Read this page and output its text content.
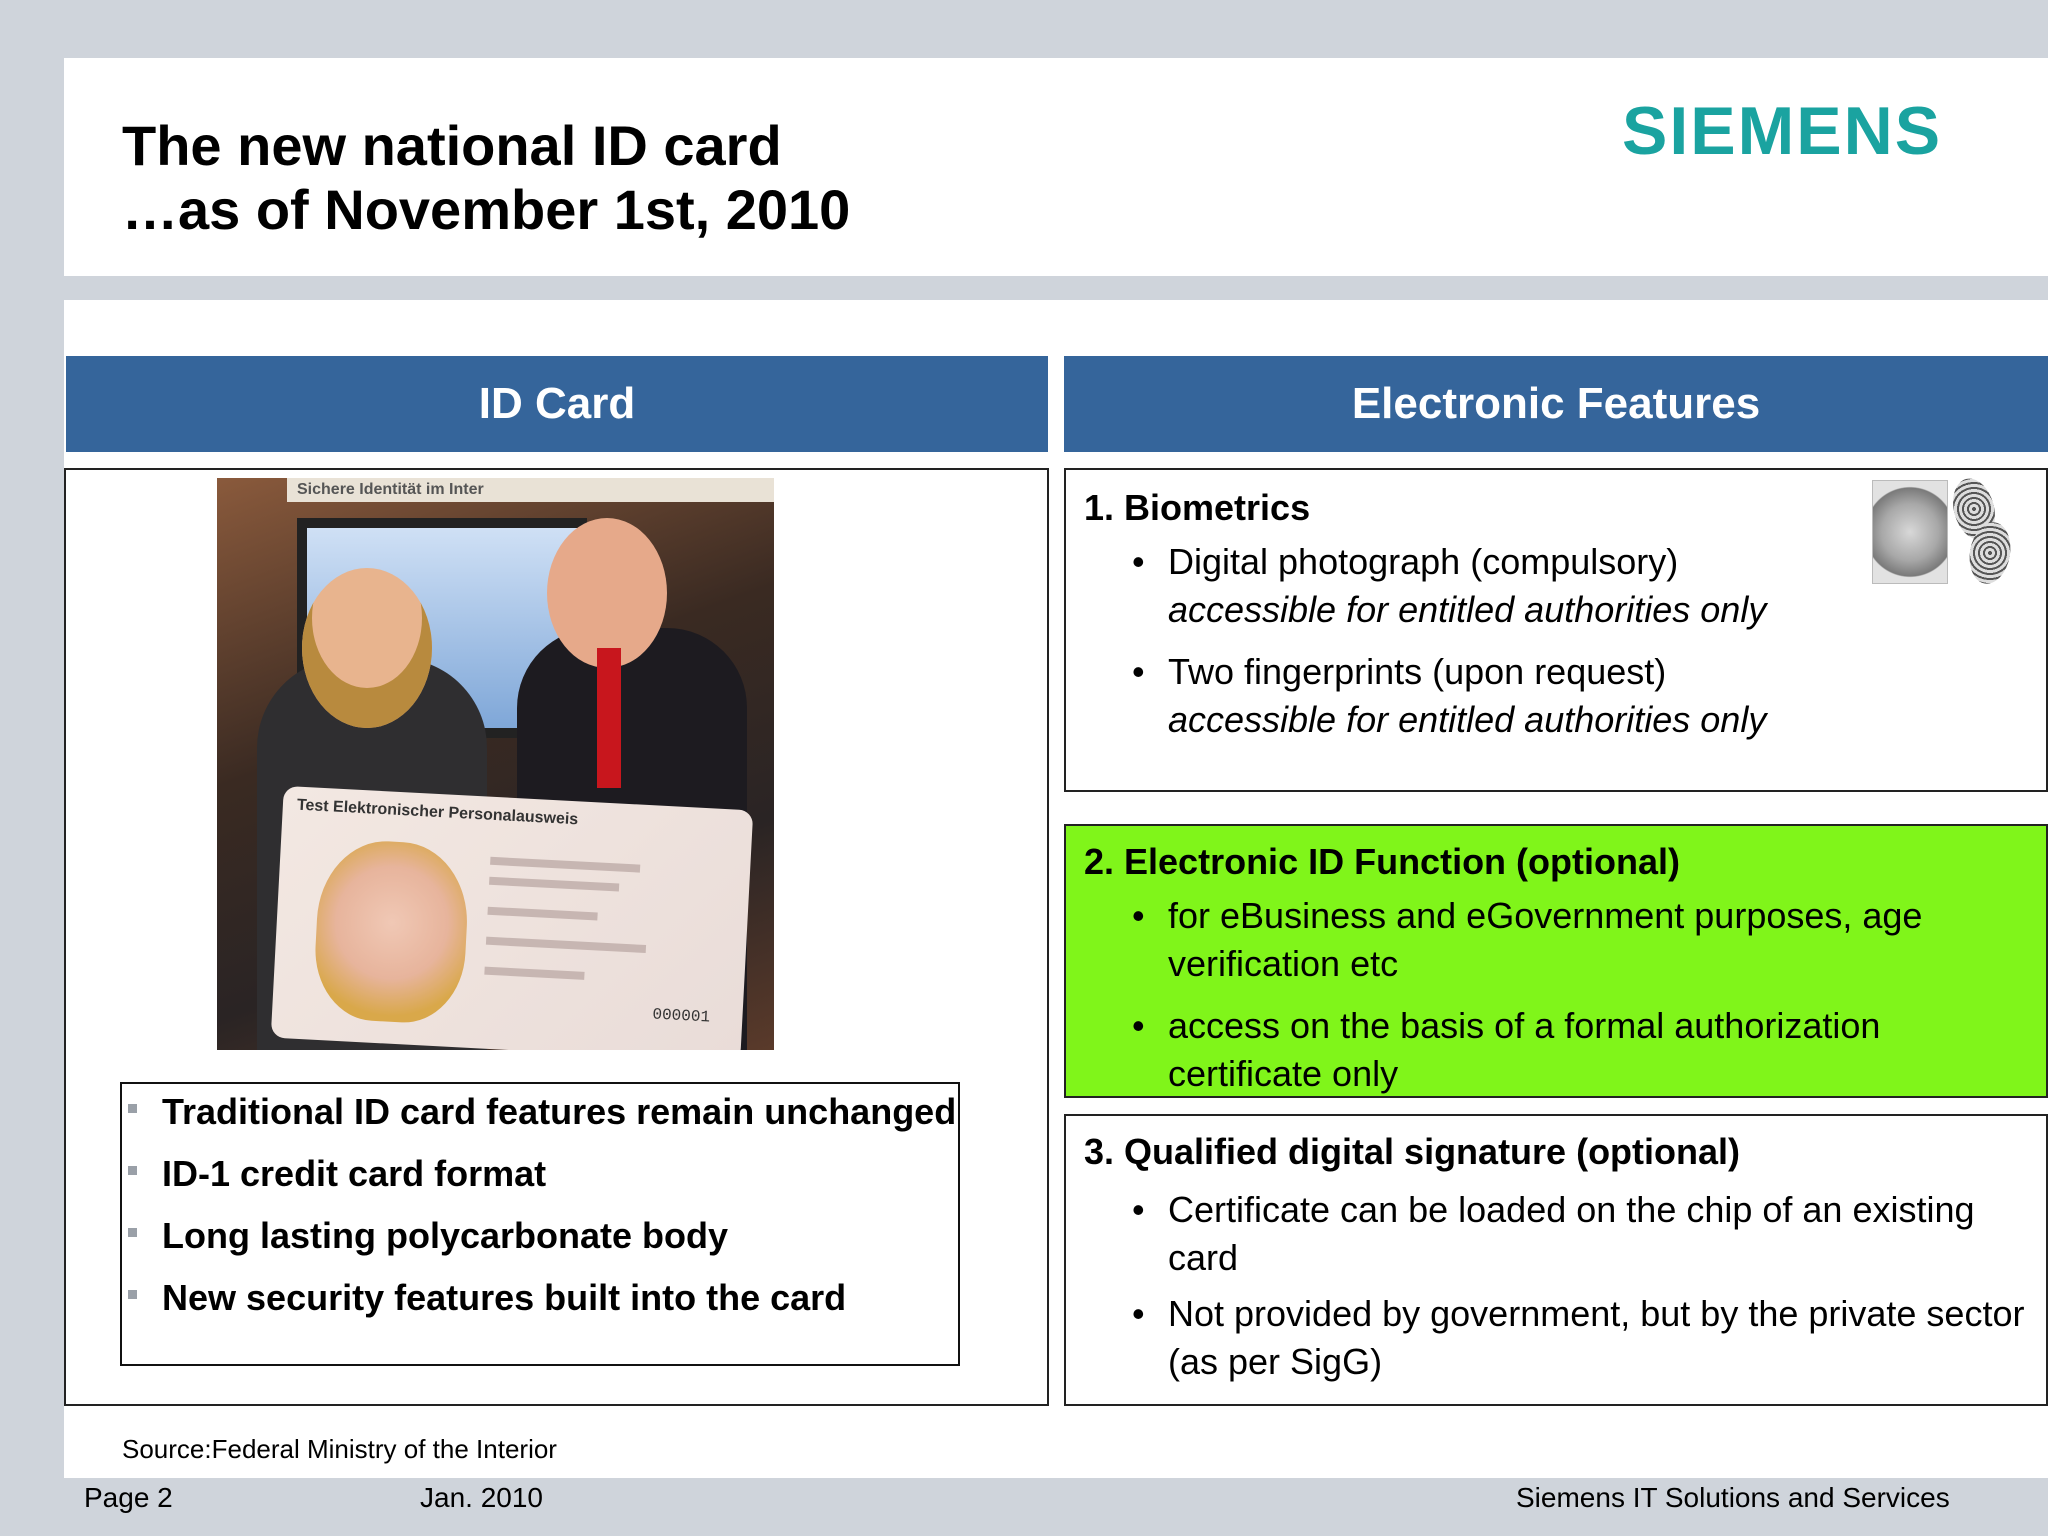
The new national ID card
…as of November 1st, 2010
SIEMENS
ID Card	Electronic Features
Sichere Identität im Inter
Test Elektronischer Personalausweis
000001
Traditional ID card features remain unchanged
ID-1 credit card format
Long lasting polycarbonate body
New security features built into the card
1. Biometrics
• Digital photograph (compulsory)
accessible for entitled authorities only
• Two fingerprints (upon request)
accessible for entitled authorities only
2. Electronic ID Function (optional)
• for eBusiness and eGovernment purposes, age verification etc
• access on the basis of a formal authorization certificate only
3. Qualified digital signature (optional)
• Certificate can be loaded on the chip of an existing card
• Not provided by government, but by the private sector (as per SigG)
Source:Federal Ministry of the Interior
Page 2	Jan. 2010	Siemens IT Solutions and Services
